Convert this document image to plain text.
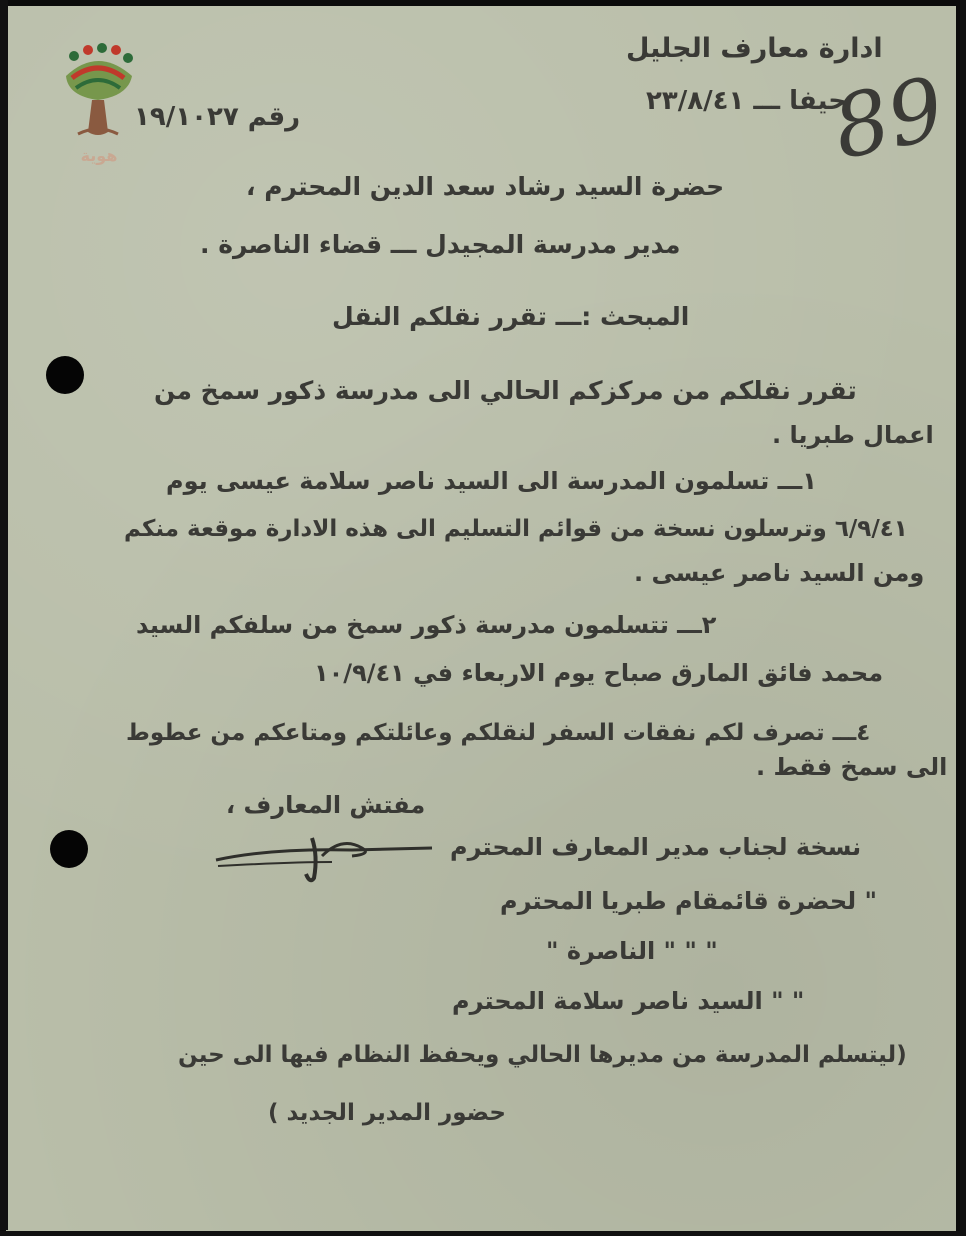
هوية
ادارة معارف الجليل
حيفا ـــ ٢٣/٨/٤١
رقم ١٩/١٠٢٧	89
حضرة السيد رشاد سعد الدين المحترم ،
مدير مدرسة المجيدل ـــ قضاء الناصرة .
المبحث :ـــ تقرر نقلكم النقل
تقرر نقلكم من مركزكم الحالي الى مدرسة ذكور سمخ من
اعمال طبريا .
١ـــ تسلمون المدرسة الى السيد ناصر سلامة عيسى يوم
٦/٩/٤١ وترسلون نسخة من قوائم التسليم الى هذه الادارة موقعة منكم
ومن السيد ناصر عيسى .
٢ـــ تتسلمون مدرسة ذكور سمخ من سلفكم السيد
محمد فائق المارق صباح يوم الاربعاء في ١٠/٩/٤١
٤ـــ تصرف لكم نفقات السفر لنقلكم وعائلتكم ومتاعكم من عطوط
الى سمخ فقط .
مفتش المعارف ،
نسخة لجناب مدير المعارف المحترم
" لحضرة قائمقام طبريا المحترم
" " " الناصرة "
" " السيد ناصر سلامة المحترم
(ليتسلم المدرسة من مديرها الحالي ويحفظ النظام فيها الى حين
حضور المدير الجديد )
